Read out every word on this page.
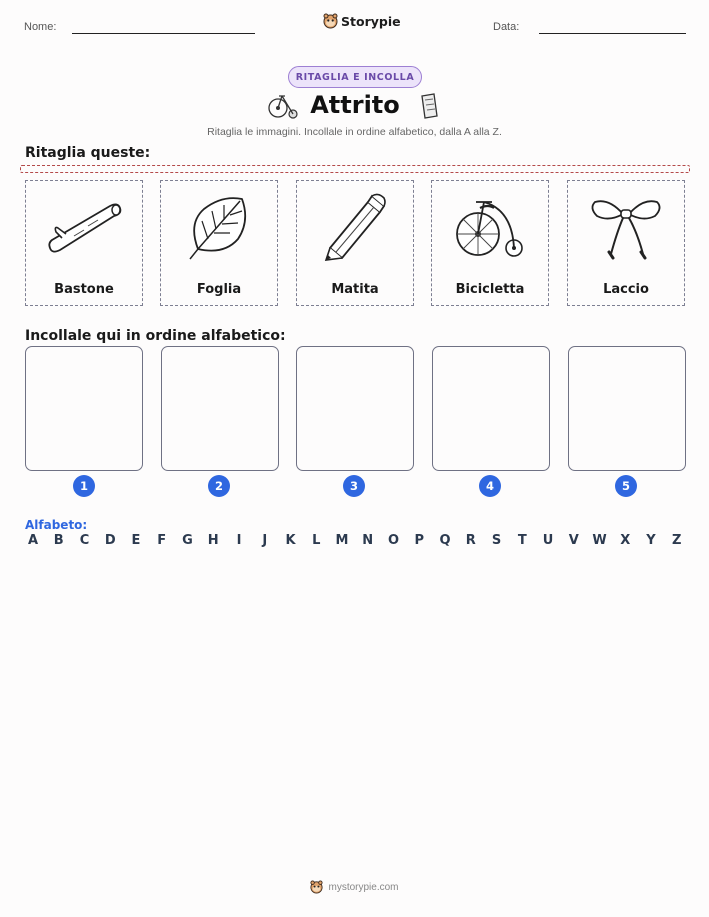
Nome:	Storypie	Data:
RITAGLIA E INCOLLA
Attrito
Ritaglia le immagini. Incollale in ordine alfabetico, dalla A alla Z.
Ritaglia queste:
Bastone	Foglia	Matita	Bicicletta	Laccio
Incollale qui in ordine alfabetico:
1	2	3	4	5
Alfabeto:
A B C D E F G H	I	J	K L M N O P Q R S T U V W X Y Z
mystorypie.com
